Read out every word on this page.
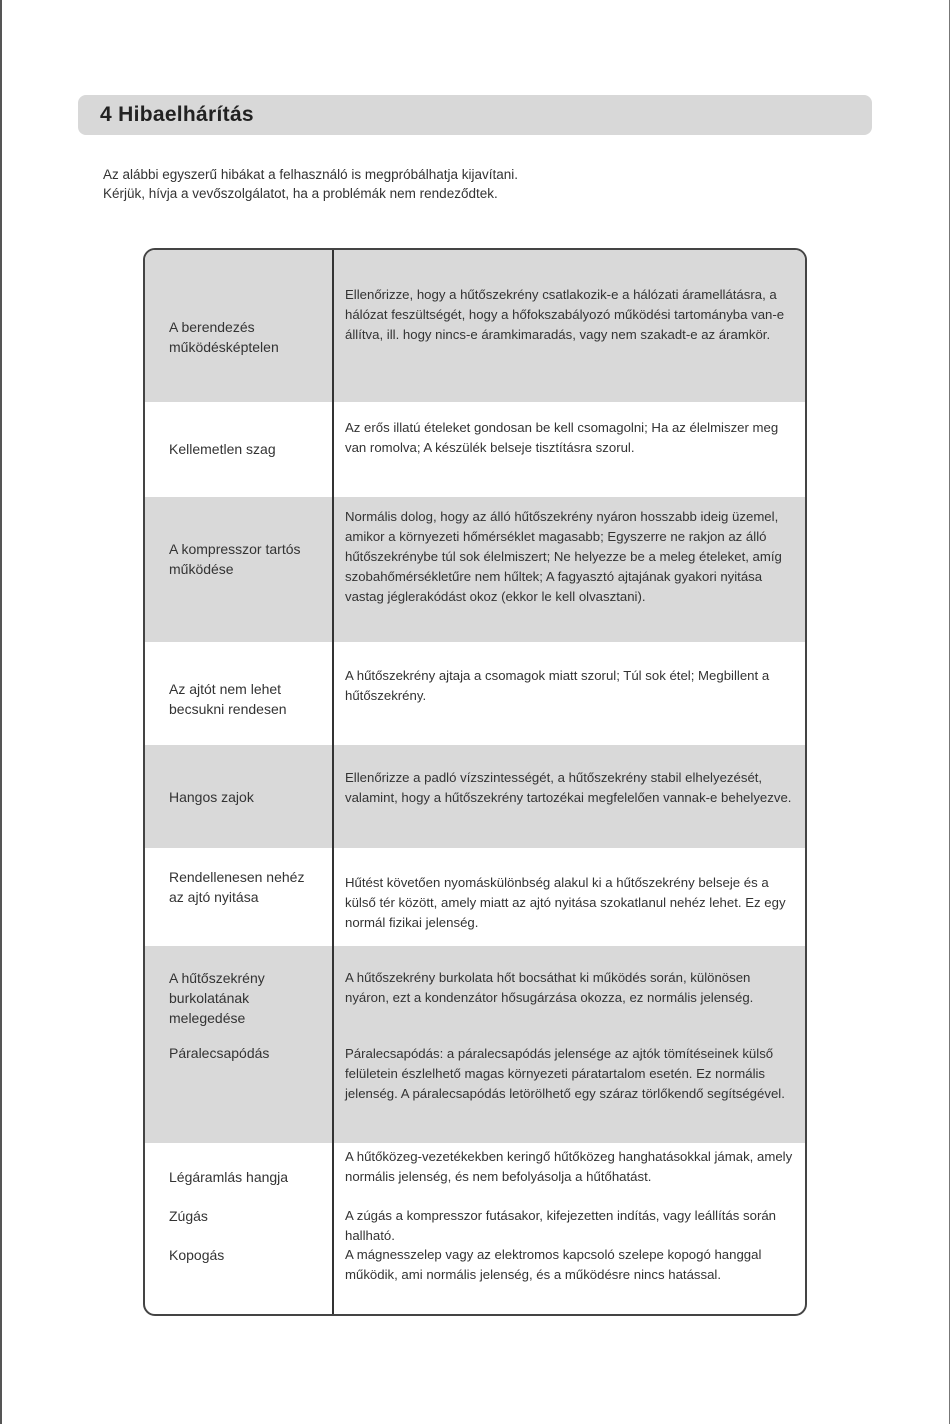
4 Hibaelhárítás
Az alábbi egyszerű hibákat a felhasználó is megpróbálhatja kijavítani.
Kérjük, hívja a vevőszolgálatot, ha a problémák nem rendeződtek.
A berendezés működésképtelen
Ellenőrizze, hogy a hűtőszekrény csatlakozik-e a hálózati áramellátásra, a hálózat feszültségét, hogy a hőfokszabályozó működési tartományba van-e állítva, ill. hogy nincs-e áramkimaradás, vagy nem szakadt-e az áramkör.
Kellemetlen szag
Az erős illatú ételeket gondosan be kell csomagolni; Ha az élelmiszer meg van romolva; A készülék belseje tisztításra szorul.
A kompresszor tartós működése
Normális dolog, hogy az álló hűtőszekrény nyáron hosszabb ideig üzemel, amikor a környezeti hőmérséklet magasabb; Egyszerre ne rakjon az álló hűtőszekrénybe túl sok élelmiszert; Ne helyezze be a meleg ételeket, amíg szobahőmérsékletűre nem hűltek; A fagyasztó ajtajának gyakori nyitása vastag jéglerakódást okoz (ekkor le kell olvasztani).
Az ajtót nem lehet becsukni rendesen
A hűtőszekrény ajtaja a csomagok miatt szorul; Túl sok étel; Megbillent a hűtőszekrény.
Hangos zajok
Ellenőrizze a padló vízszintességét, a hűtőszekrény stabil elhelyezését, valamint, hogy a hűtőszekrény tartozékai megfelelően vannak-e behelyezve.
Rendellenesen nehéz az ajtó nyitása
Hűtést követően nyomáskülönbség alakul ki a hűtőszekrény belseje és a külső tér között, amely miatt az ajtó nyitása szokatlanul nehéz lehet. Ez egy normál fizikai jelenség.
A hűtőszekrény burkolatának melegedése
Páralecsapódás
A hűtőszekrény burkolata hőt bocsáthat ki működés során, különösen nyáron, ezt a kondenzátor hősugárzása okozza, ez normális jelenség.
Páralecsapódás: a páralecsapódás jelensége az ajtók tömítéseinek külső felületein észlelhető magas környezeti páratartalom esetén. Ez normális jelenség. A páralecsapódás letörölhető egy száraz törlőkendő segítségével.
Légáramlás hangja
Zúgás
Kopogás
A hűtőközeg-vezetékekben keringő hűtőközeg hanghatásokkal jámak, amely normális jelenség, és nem befolyásolja a hűtőhatást.
A zúgás a kompresszor futásakor, kifejezetten indítás, vagy leállítás során hallható.
A mágnesszelep vagy az elektromos kapcsoló szelepe kopogó hanggal működik, ami normális jelenség, és a működésre nincs hatással.
